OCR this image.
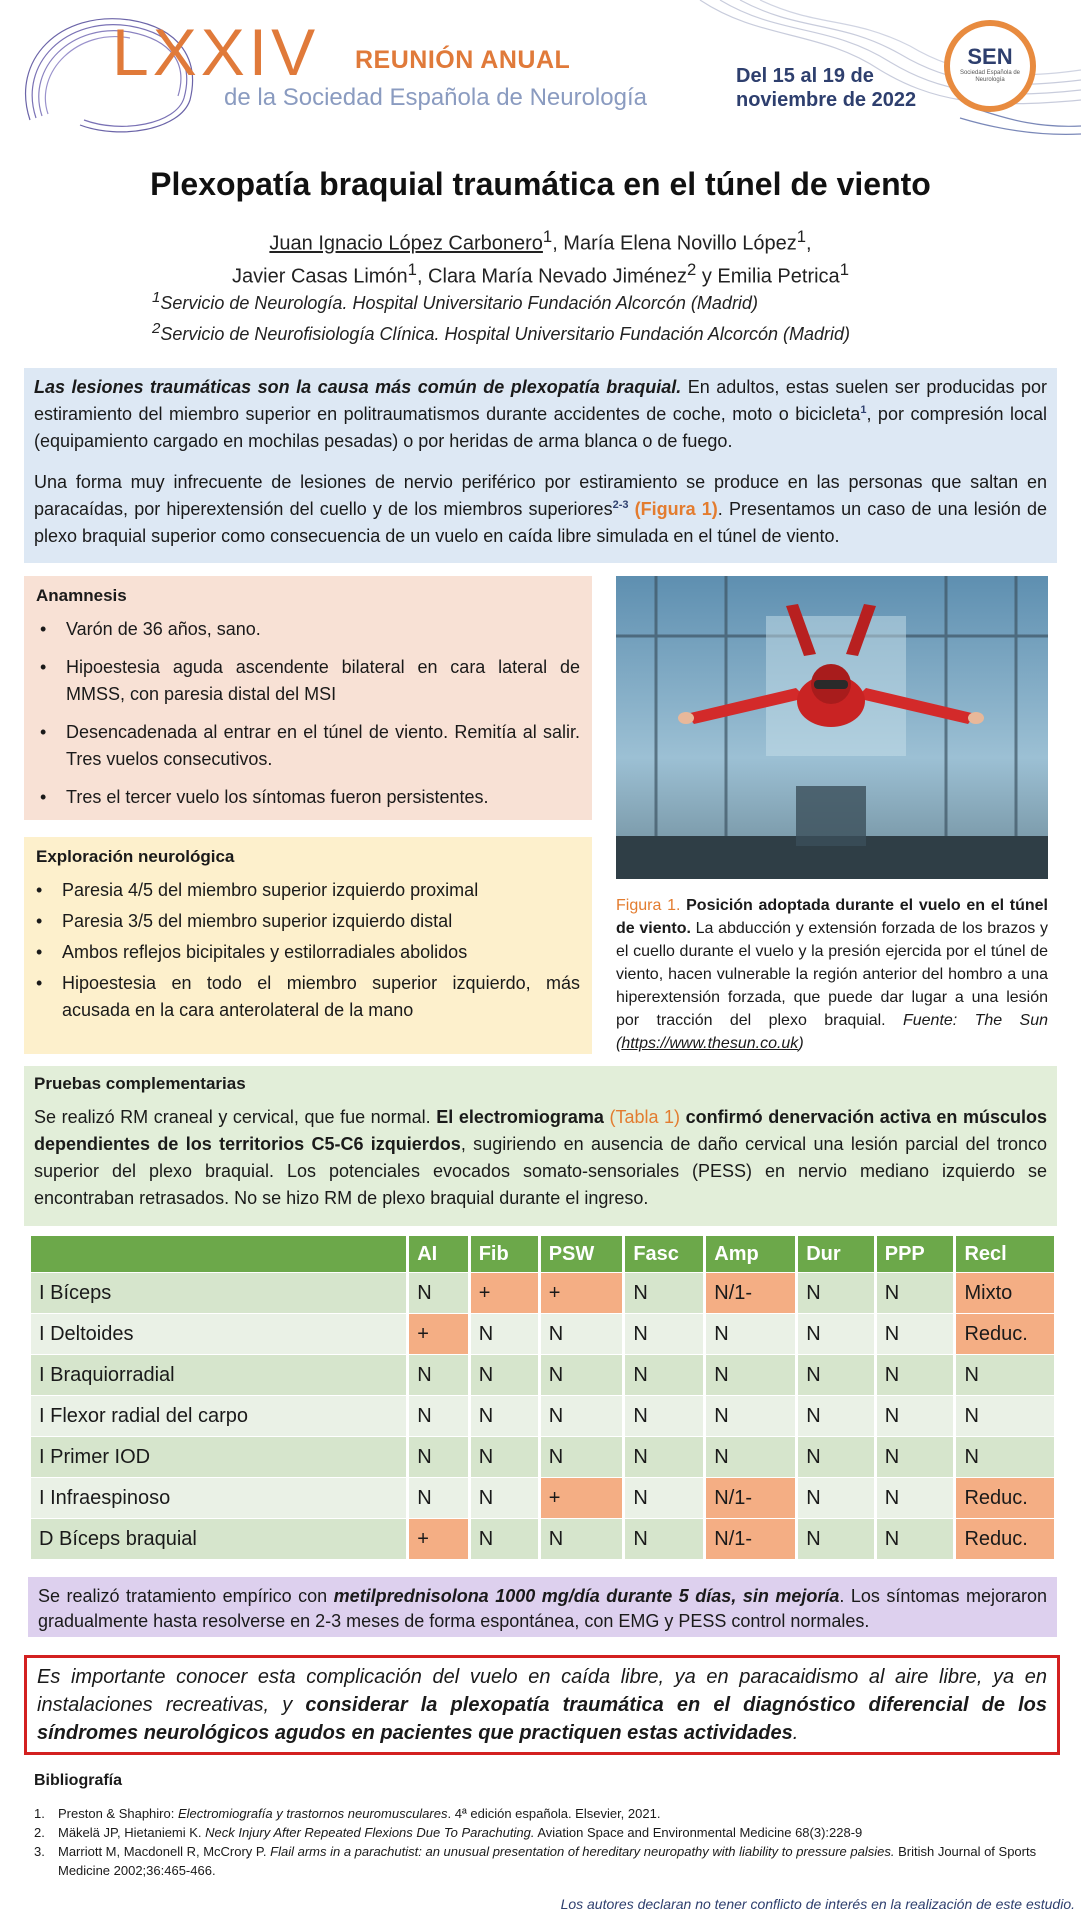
LXXIV REUNIÓN ANUAL
de la Sociedad Española de Neurología
Del 15 al 19 de
noviembre de 2022
SEN
Sociedad Española de Neurología
Plexopatía braquial traumática en el túnel de viento
Juan Ignacio López Carbonero$^1$, María Elena Novillo López$^1$,
Javier Casas Limón$^1$, Clara María Nevado Jiménez$^2$ y Emilia Petrica$^1$
$^1$Servicio de Neurología. Hospital Universitario Fundación Alcorcón (Madrid)
$^2$Servicio de Neurofisiología Clínica. Hospital Universitario Fundación Alcorcón (Madrid)

Las lesiones traumáticas son la causa más común de plexopatía braquial. En adultos, estas suelen ser producidas por estiramiento del miembro superior en politraumatismos durante accidentes de coche, moto o bicicleta$^1$, por compresión local (equipamiento cargado en mochilas pesadas) o por heridas de arma blanca o de fuego.

Una forma muy infrecuente de lesiones de nervio periférico por estiramiento se produce en las personas que saltan en paracaídas, por hiperextensión del cuello y de los miembros superiores$^{2-3}$ (Figura 1). Presentamos un caso de una lesión de plexo braquial superior como consecuencia de un vuelo en caída libre simulada en el túnel de viento.

Anamnesis
• Varón de 36 años, sano.
• Hipoestesia aguda ascendente bilateral en cara lateral de MMSS, con paresia distal del MSI
• Desencadenada al entrar en el túnel de viento. Remitía al salir. Tres vuelos consecutivos.
• Tres el tercer vuelo los síntomas fueron persistentes.
Exploración neurológica
• Paresia 4/5 del miembro superior izquierdo proximal
• Paresia 3/5 del miembro superior izquierdo distal
• Ambos reflejos bicipitales y estilorradiales abolidos
• Hipoestesia en todo el miembro superior izquierdo, más acusada en la cara anterolateral de la mano
Figura 1. Posición adoptada durante el vuelo en el túnel de viento. La abducción y extensión forzada de los brazos y el cuello durante el vuelo y la presión ejercida por el túnel de viento, hacen vulnerable la región anterior del hombro a una hiperextensión forzada, que puede dar lugar a una lesión por tracción del plexo braquial. Fuente: The Sun (https://www.thesun.co.uk)
Pruebas complementarias

Se realizó RM craneal y cervical, que fue normal. El electromiograma (Tabla 1) confirmó denervación activa en músculos dependientes de los territorios C5-C6 izquierdos, sugiriendo en ausencia de daño cervical una lesión parcial del tronco superior del plexo braquial. Los potenciales evocados somato-sensoriales (PESS) en nervio mediano izquierdo se encontraban retrasados. No se hizo RM de plexo braquial durante el ingreso.

	AI	Fib	PSW	Fasc	Amp	Dur	PPP	Recl
I Bíceps	N	+	+	N	N/1-	N	N	Mixto
I Deltoides	+	N	N	N	N	N	N	Reduc.
I Braquiorradial	N	N	N	N	N	N	N	N
I Flexor radial del carpo	N	N	N	N	N	N	N	N
I Primer IOD	N	N	N	N	N	N	N	N
I Infraespinoso	N	N	+	N	N/1-	N	N	Reduc.
D Bíceps braquial	+	N	N	N	N/1-	N	N	Reduc.
Se realizó tratamiento empírico con metilprednisolona 1000 mg/día durante 5 días, sin mejoría. Los síntomas mejoraron gradualmente hasta resolverse en 2-3 meses de forma espontánea, con EMG y PESS control normales.
Es importante conocer esta complicación del vuelo en caída libre, ya en paracaidismo al aire libre, ya en instalaciones recreativas, y considerar la plexopatía traumática en el diagnóstico diferencial de los síndromes neurológicos agudos en pacientes que practiquen estas actividades.
Bibliografía
1. Preston & Shaphiro: Electromiografía y trastornos neuromusculares. 4ª edición española. Elsevier, 2021.
2. Mäkelä JP, Hietaniemi K. Neck Injury After Repeated Flexions Due To Parachuting. Aviation Space and Environmental Medicine 68(3):228-9
3. Marriott M, Macdonell R, McCrory P. Flail arms in a parachutist: an unusual presentation of hereditary neuropathy with liability to pressure palsies. British Journal of Sports Medicine 2002;36:465-466.
Los autores declaran no tener conflicto de interés en la realización de este estudio.
